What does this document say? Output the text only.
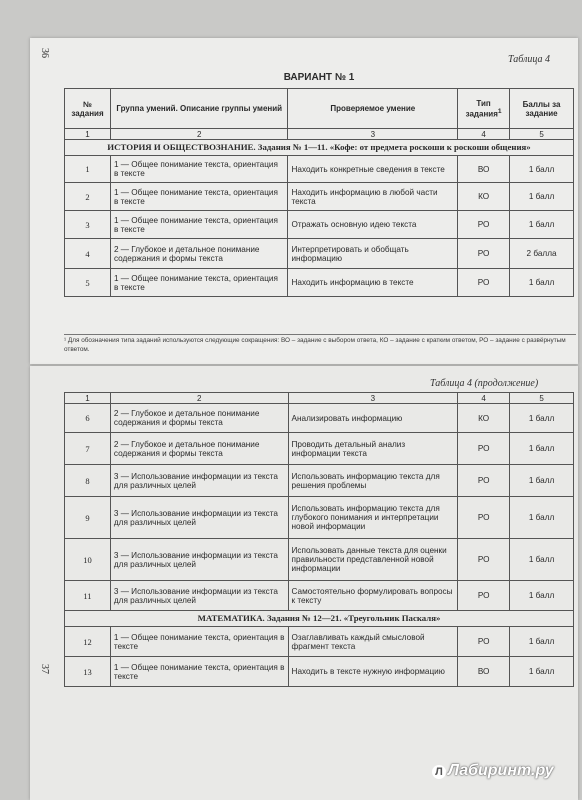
36
Таблица 4
ВАРИАНТ № 1
№ задания	Группа умений. Описание группы умений	Проверяемое умение	Тип задания$^1$	Баллы за задание
1	2	3	4	5
ИСТОРИЯ И ОБЩЕСТВОЗНАНИЕ. Задания № 1—11. «Кофе: от предмета роскоши к роскоши общения»				
1	1 — Общее понимание текста, ориентация в тексте	Находить конкретные сведения в тексте	ВО	1 балл
2	1 — Общее понимание текста, ориентация в тексте	Находить информацию в любой части текста	КО	1 балл
3	1 — Общее понимание текста, ориентация в тексте	Отражать основную идею текста	РО	1 балл
4	2 — Глубокое и детальное понимание содержания и формы текста	Интерпретировать и обобщать информацию	РО	2 балла
5	1 — Общее понимание текста, ориентация в тексте	Находить информацию в тексте	РО	1 балл
¹ Для обозначения типа заданий используются следующие сокращения: ВО – задание с выбором ответа, КО – задание с кратким ответом, РО – задание с развёрнутым ответом.
Таблица 4 (продолжение)
1	2	3	4	5
6	2 — Глубокое и детальное понимание содержания и формы текста	Анализировать информацию	КО	1 балл
7	2 — Глубокое и детальное понимание содержания и формы текста	Проводить детальный анализ информации текста	РО	1 балл
8	3 — Использование информации из текста для различных целей	Использовать информацию текста для решения проблемы	РО	1 балл
9	3 — Использование информации из текста для различных целей	Использовать информацию текста для глубокого понимания и интерпретации новой информации	РО	1 балл
10	3 — Использование информации из текста для различных целей	Использовать данные текста для оценки правильности представленной новой информации	РО	1 балл
11	3 — Использование информации из текста для различных целей	Самостоятельно формулировать вопросы к тексту	РО	1 балл
МАТЕМАТИКА. Задания № 12—21. «Треугольник Паскаля»				
12	1 — Общее понимание текста, ориентация в тексте	Озаглавливать каждый смысловой фрагмент текста	РО	1 балл
13	1 — Общее понимание текста, ориентация в тексте	Находить в тексте нужную информацию	ВО	1 балл
37
Л Лабиринт.ру
